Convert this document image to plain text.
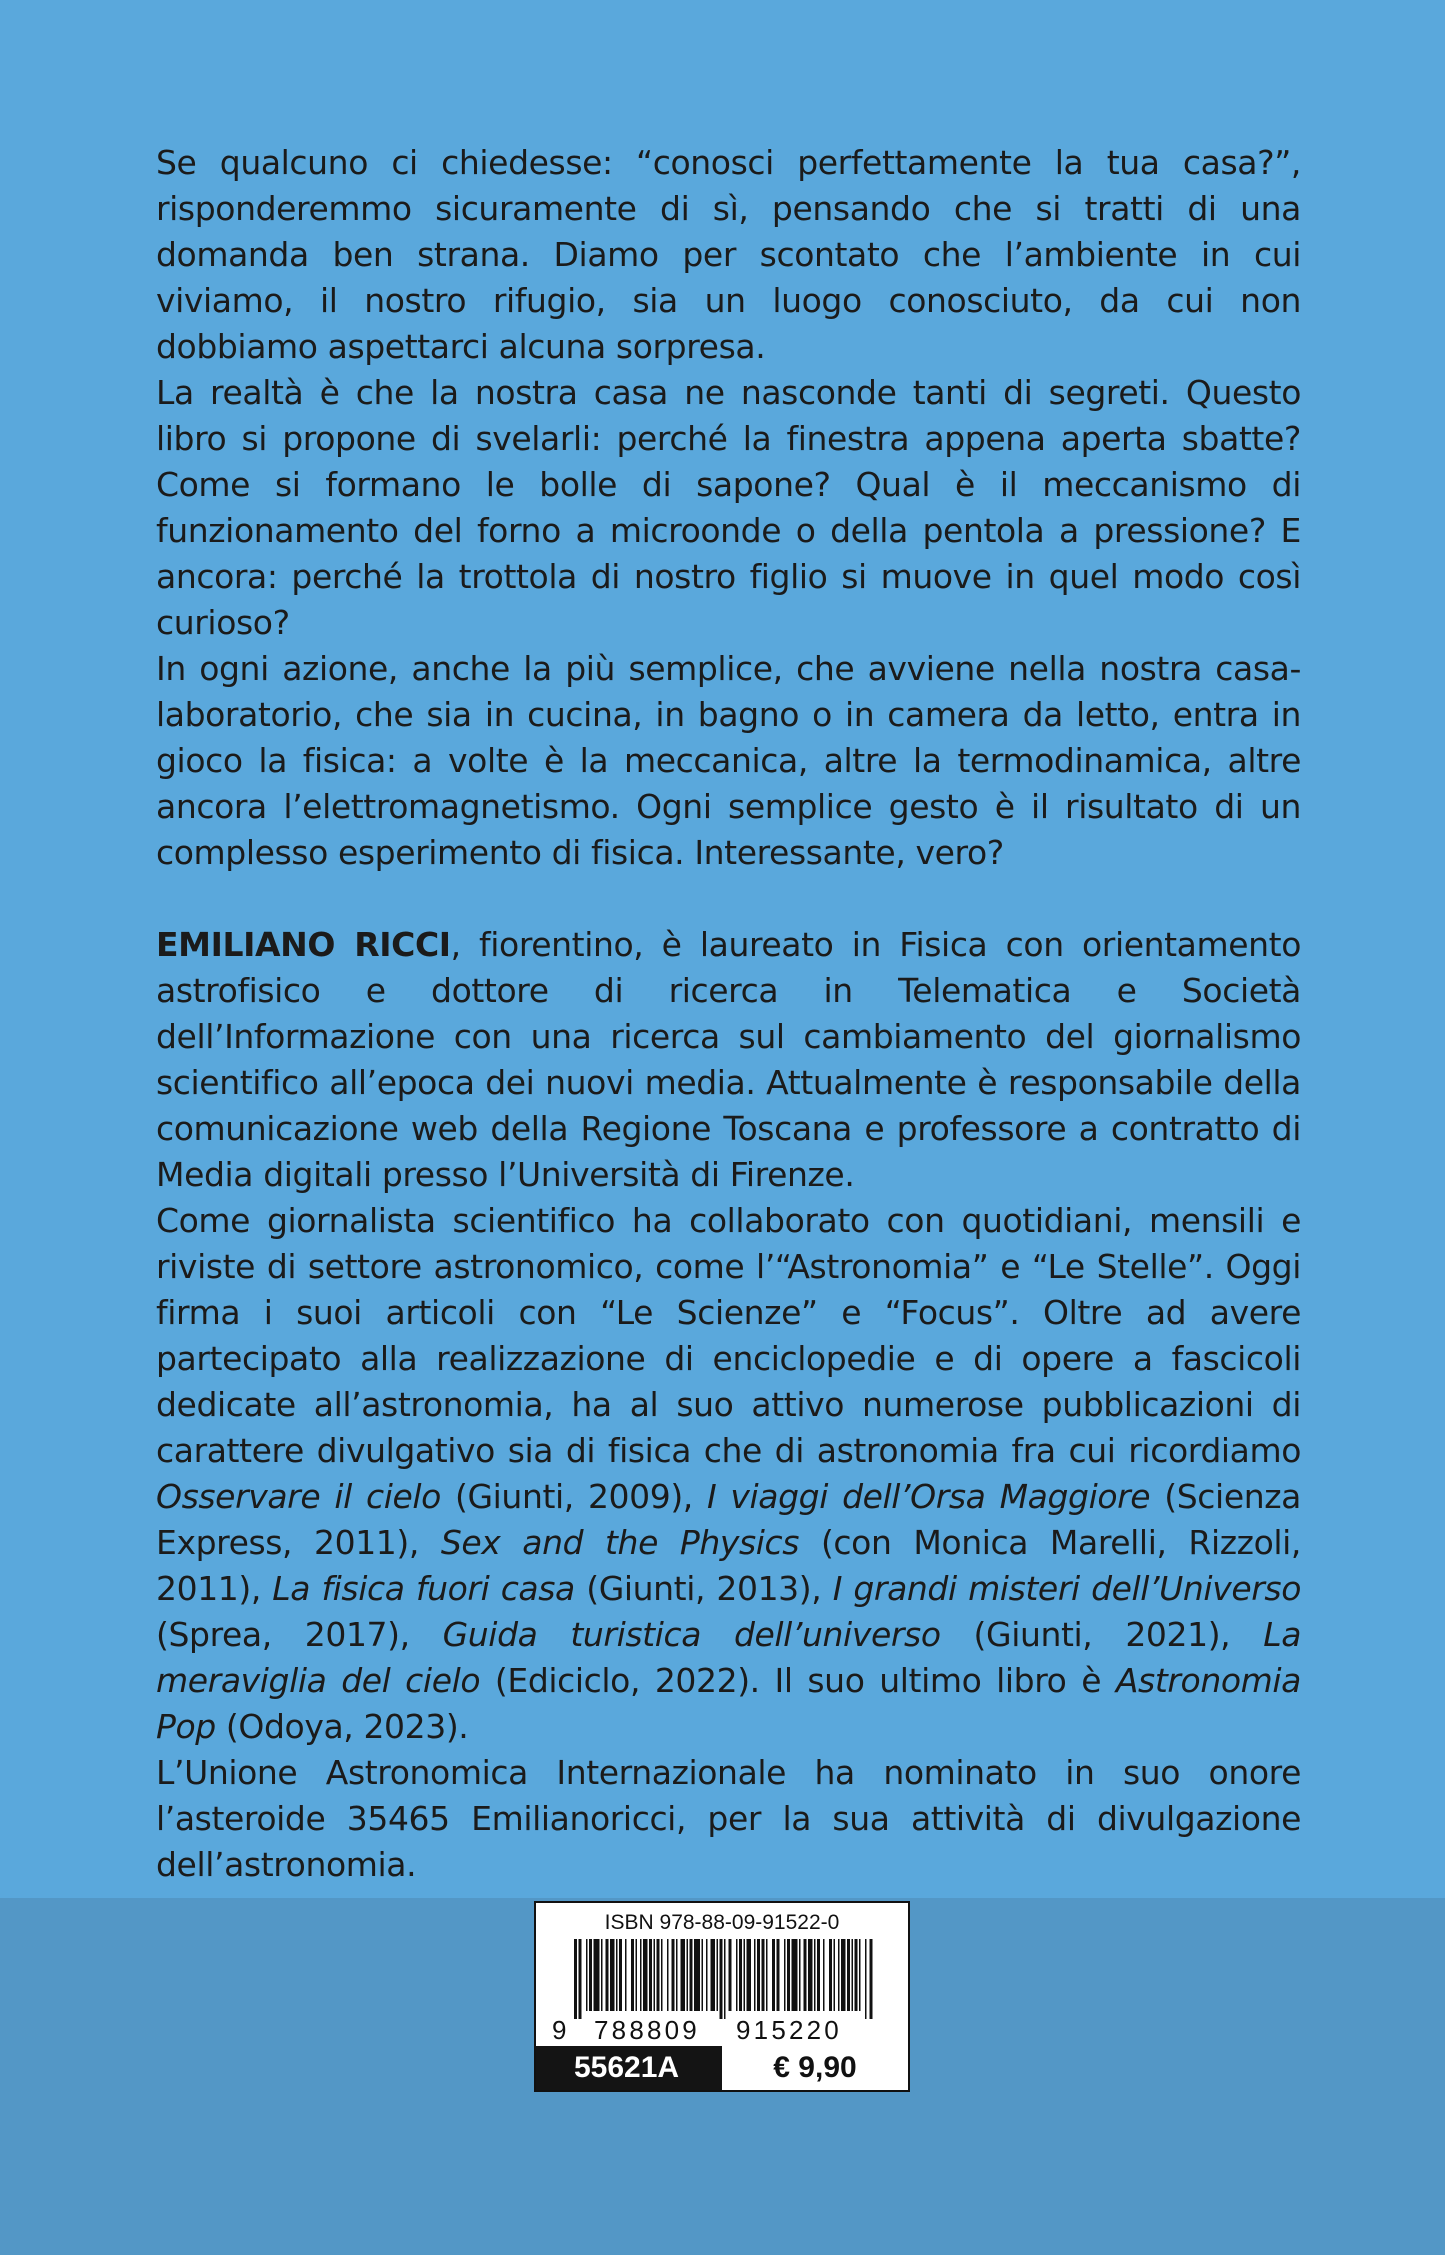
Se qualcuno ci chiedesse: “conosci perfettamente la tua casa?”, risponderemmo sicuramente di sì, pensando che si tratti di una domanda ben strana. Diamo per scontato che l’ambiente in cui viviamo, il nostro rifugio, sia un luogo conosciuto, da cui non dobbiamo aspettarci alcuna sorpresa.

La realtà è che la nostra casa ne nasconde tanti di segreti. Questo libro si propone di svelarli: perché la finestra appena aperta sbatte? Come si formano le bolle di sapone? Qual è il meccanismo di funzionamento del forno a microonde o della pentola a pressione? E ancora: perché la trottola di nostro figlio si muove in quel modo così curioso?

In ogni azione, anche la più semplice, che avviene nella nostra casa-laboratorio, che sia in cucina, in bagno o in camera da letto, entra in gioco la fisica: a volte è la meccanica, altre la termodinamica, altre ancora l’elettromagnetismo. Ogni semplice gesto è il risultato di un complesso esperimento di fisica. Interessante, vero?

EMILIANO RICCI, fiorentino, è laureato in Fisica con orientamento astrofisico e dottore di ricerca in Telematica e Società dell’Informazione con una ricerca sul cambiamento del giornalismo scientifico all’epoca dei nuovi media. Attualmente è responsabile della comunicazione web della Regione Toscana e professore a contratto di Media digitali presso l’Università di Firenze.

Come giornalista scientifico ha collaborato con quotidiani, mensili e riviste di settore astronomico, come l’“Astronomia” e “Le Stelle”. Oggi firma i suoi articoli con “Le Scienze” e “Focus”. Oltre ad avere partecipato alla realizzazione di enciclopedie e di opere a fascicoli dedicate all’astronomia, ha al suo attivo numerose pubblicazioni di carattere divulgativo sia di fisica che di astronomia fra cui ricordiamo Osservare il cielo (Giunti, 2009), I viaggi dell’Orsa Maggiore (Scienza Express, 2011), Sex and the Physics (con Monica Marelli, Rizzoli, 2011), La fisica fuori casa (Giunti, 2013), I grandi misteri dell’Universo (Sprea, 2017), Guida turistica dell’universo (Giunti, 2021), La meraviglia del cielo (Ediciclo, 2022). Il suo ultimo libro è Astronomia Pop (Odoya, 2023).

L’Unione Astronomica Internazionale ha nominato in suo onore l’asteroide 35465 Emilianoricci, per la sua attività di divulgazione dell’astronomia.

ISBN 978-88-09-91522-0
9 788809 915220
55621A	€ 9,90
